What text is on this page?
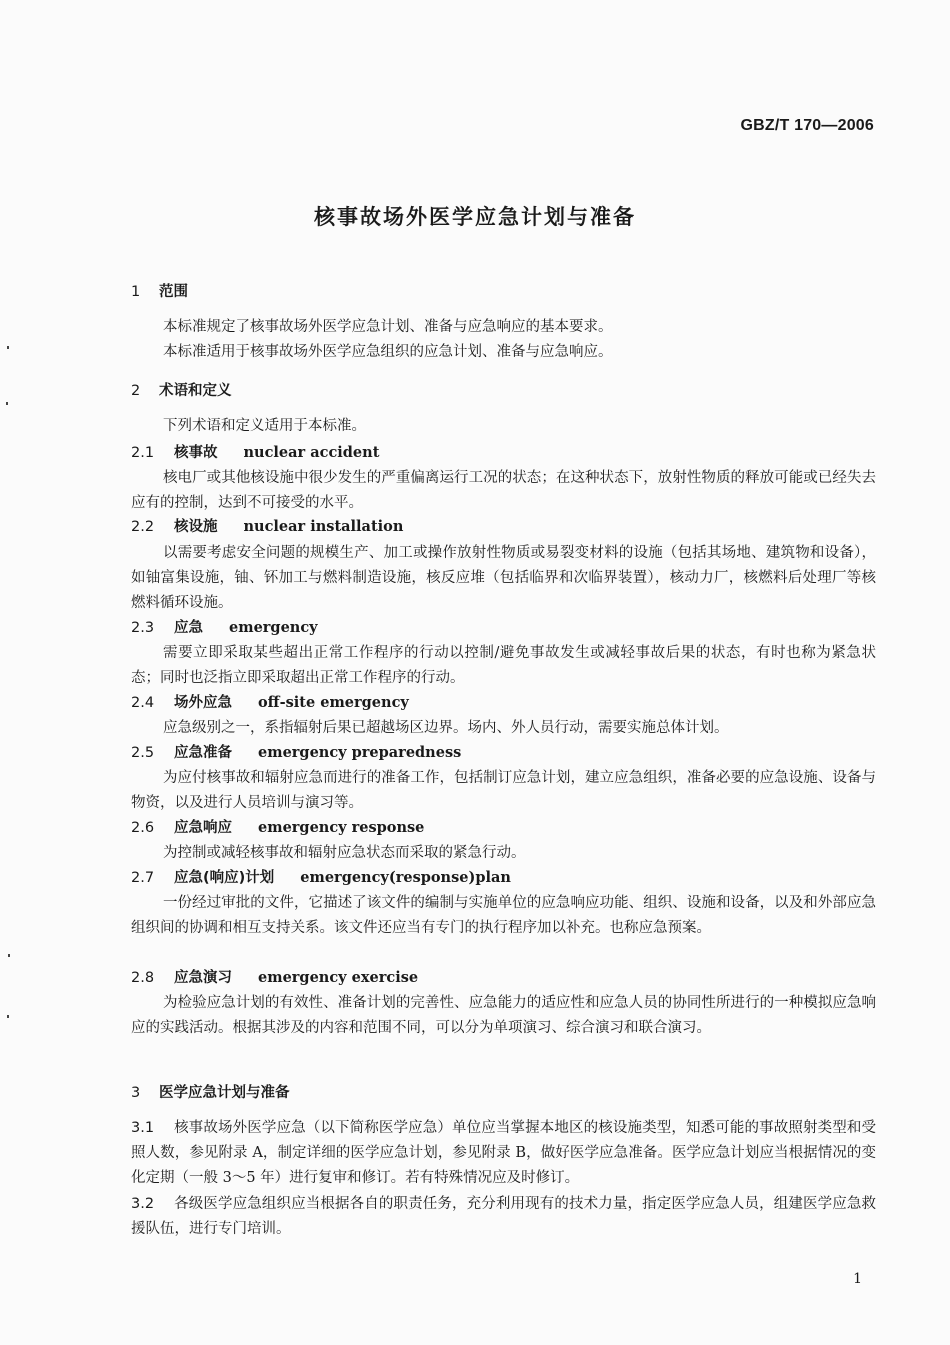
GBZ/T 170—2006
核事故场外医学应急计划与准备
1 范围
本标准规定了核事故场外医学应急计划、准备与应急响应的基本要求。
本标准适用于核事故场外医学应急组织的应急计划、准备与应急响应。
2 术语和定义
下列术语和定义适用于本标准。
2.1 核事故 nuclear accident
核电厂或其他核设施中很少发生的严重偏离运行工况的状态；在这种状态下，放射性物质的释放可能或已经失去应有的控制，达到不可接受的水平。
2.2 核设施 nuclear installation
以需要考虑安全问题的规模生产、加工或操作放射性物质或易裂变材料的设施（包括其场地、建筑物和设备），如铀富集设施，铀、钚加工与燃料制造设施，核反应堆（包括临界和次临界装置），核动力厂，核燃料后处理厂等核燃料循环设施。
2.3 应急 emergency
需要立即采取某些超出正常工作程序的行动以控制/避免事故发生或减轻事故后果的状态，有时也称为紧急状态；同时也泛指立即采取超出正常工作程序的行动。
2.4 场外应急 off-site emergency
应急级别之一，系指辐射后果已超越场区边界。场内、外人员行动，需要实施总体计划。
2.5 应急准备 emergency preparedness
为应付核事故和辐射应急而进行的准备工作，包括制订应急计划，建立应急组织，准备必要的应急设施、设备与物资，以及进行人员培训与演习等。
2.6 应急响应 emergency response
为控制或减轻核事故和辐射应急状态而采取的紧急行动。
2.7 应急(响应)计划 emergency(response)plan
一份经过审批的文件，它描述了该文件的编制与实施单位的应急响应功能、组织、设施和设备，以及和外部应急组织间的协调和相互支持关系。该文件还应当有专门的执行程序加以补充。也称应急预案。
2.8 应急演习 emergency exercise
为检验应急计划的有效性、准备计划的完善性、应急能力的适应性和应急人员的协同性所进行的一种模拟应急响应的实践活动。根据其涉及的内容和范围不同，可以分为单项演习、综合演习和联合演习。
3 医学应急计划与准备
3.1 核事故场外医学应急（以下简称医学应急）单位应当掌握本地区的核设施类型，知悉可能的事故照射类型和受照人数，参见附录 A，制定详细的医学应急计划，参见附录 B，做好医学应急准备。医学应急计划应当根据情况的变化定期（一般 3～5 年）进行复审和修订。若有特殊情况应及时修订。
3.2 各级医学应急组织应当根据各自的职责任务，充分利用现有的技术力量，指定医学应急人员，组建医学应急救援队伍，进行专门培训。
1
